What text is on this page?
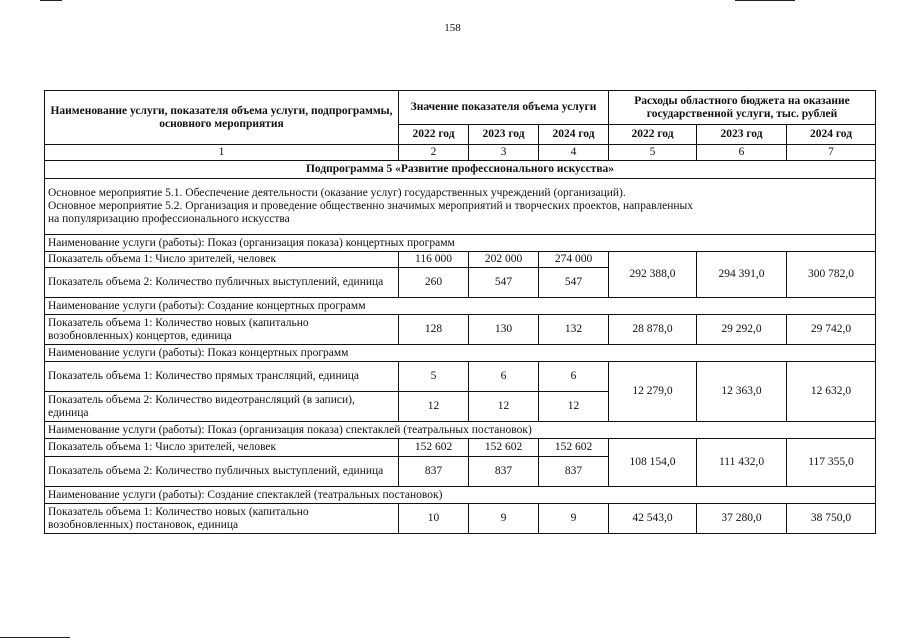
158
Наименование услуги, показателя объема услуги, подпрограммы, основного мероприятия	Значение показателя объема услуги			Расходы областного бюджета на оказание государственной услуги, тыс. рублей		
	2022 год	2023 год	2024 год	2022 год	2023 год	2024 год
1	2	3	4	5	6	7
Подпрограмма 5 «Развитие профессионального искусства»						

Основное мероприятие 5.1. Обеспечение деятельности (оказание услуг) государственных учреждений (организаций).
Основное мероприятие 5.2. Организация и проведение общественно значимых мероприятий и творческих проектов, направленных
на популяризацию профессионального искусства						

Наименование услуги (работы): Показ (организация показа) концертных программ						
Показатель объема 1: Число зрителей, человек	116 000	202 000	274 000	292 388,0	294 391,0	300 782,0
Показатель объема 2: Количество публичных выступлений, единица	260	547	547			
Наименование услуги (работы): Создание концертных программ						
Показатель объема 1: Количество новых (капитально возобновленных) концертов, единица	128	130	132	28 878,0	29 292,0	29 742,0
Наименование услуги (работы): Показ концертных программ						
Показатель объема 1: Количество прямых трансляций, единица	5	6	6	12 279,0	12 363,0	12 632,0
Показатель объема 2: Количество видеотрансляций (в записи), единица	12	12	12			
Наименование услуги (работы): Показ (организация показа) спектаклей (театральных постановок)						
Показатель объема 1: Число зрителей, человек	152 602	152 602	152 602	108 154,0	111 432,0	117 355,0
Показатель объема 2: Количество публичных выступлений, единица	837	837	837			
Наименование услуги (работы): Создание спектаклей (театральных постановок)						
Показатель объема 1: Количество новых (капитально возобновленных) постановок, единица	10	9	9	42 543,0	37 280,0	38 750,0
